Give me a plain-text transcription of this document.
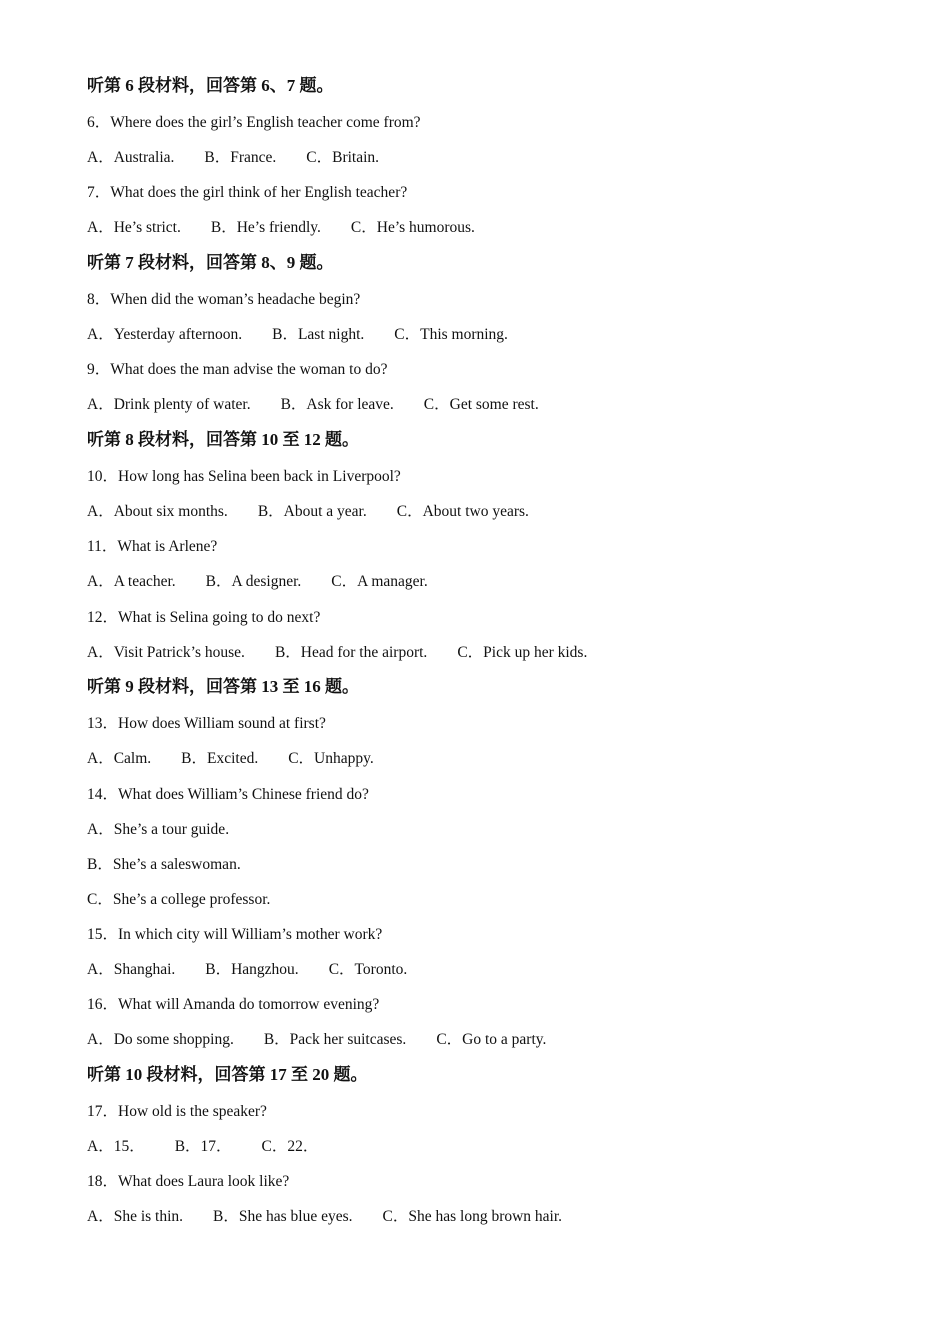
听第 6 段材料，回答第 6、7 题。
6．Where does the girl’s English teacher come from?
A．Australia. B．France. C．Britain.
7．What does the girl think of her English teacher?
A．He’s strict. B．He’s friendly. C．He’s humorous.
听第 7 段材料，回答第 8、9 题。
8．When did the woman’s headache begin?
A．Yesterday afternoon. B．Last night. C．This morning.
9．What does the man advise the woman to do?
A．Drink plenty of water. B．Ask for leave. C．Get some rest.
听第 8 段材料，回答第 10 至 12 题。
10．How long has Selina been back in Liverpool?
A．About six months. B．About a year. C．About two years.
11．What is Arlene?
A．A teacher. B．A designer. C．A manager.
12．What is Selina going to do next?
A．Visit Patrick’s house. B．Head for the airport. C．Pick up her kids.
听第 9 段材料，回答第 13 至 16 题。
13．How does William sound at first?
A．Calm. B．Excited. C．Unhappy.
14．What does William’s Chinese friend do?
A．She’s a tour guide.
B．She’s a saleswoman.
C．She’s a college professor.
15．In which city will William’s mother work?
A．Shanghai. B．Hangzhou. C．Toronto.
16．What will Amanda do tomorrow evening?
A．Do some shopping. B．Pack her suitcases. C．Go to a party.
听第 10 段材料，回答第 17 至 20 题。
17．How old is the speaker?
A．15． B．17． C．22．
18．What does Laura look like?
A．She is thin. B．She has blue eyes. C．She has long brown hair.
